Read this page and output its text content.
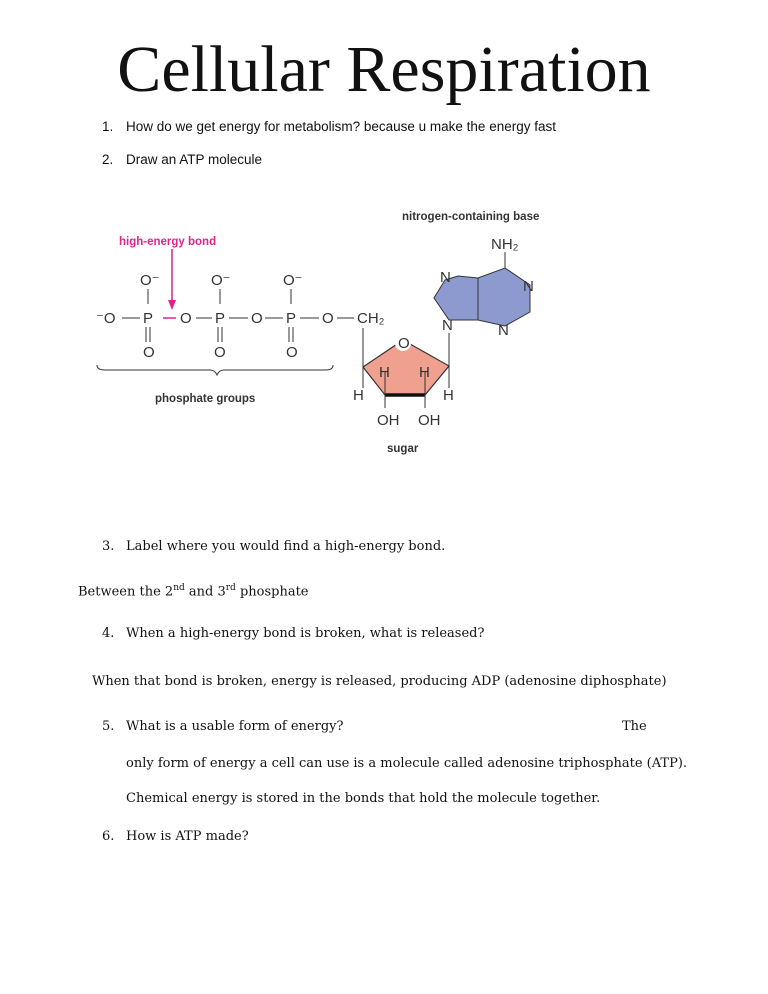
Cellular Respiration
1. How do we get energy for metabolism? because u make the energy fast
2. Draw an ATP molecule
nitrogen-containing base
high-energy bond
phosphate groups
sugar
O⁻	O⁻	O⁻
⁻O P O P O P O CH₂
O	O	O
O
H H
H	H
OH OH
NH₂
N
N
N	N
3. Label where you would find a high-energy bond.
Between the 2nd and 3rd phosphate
4. When a high-energy bond is broken, what is released?
When that bond is broken, energy is released, producing ADP (adenosine diphosphate)
5. What is a usable form of energy?	The
only form of energy a cell can use is a molecule called adenosine triphosphate (ATP).
Chemical energy is stored in the bonds that hold the molecule together.
6. How is ATP made?
